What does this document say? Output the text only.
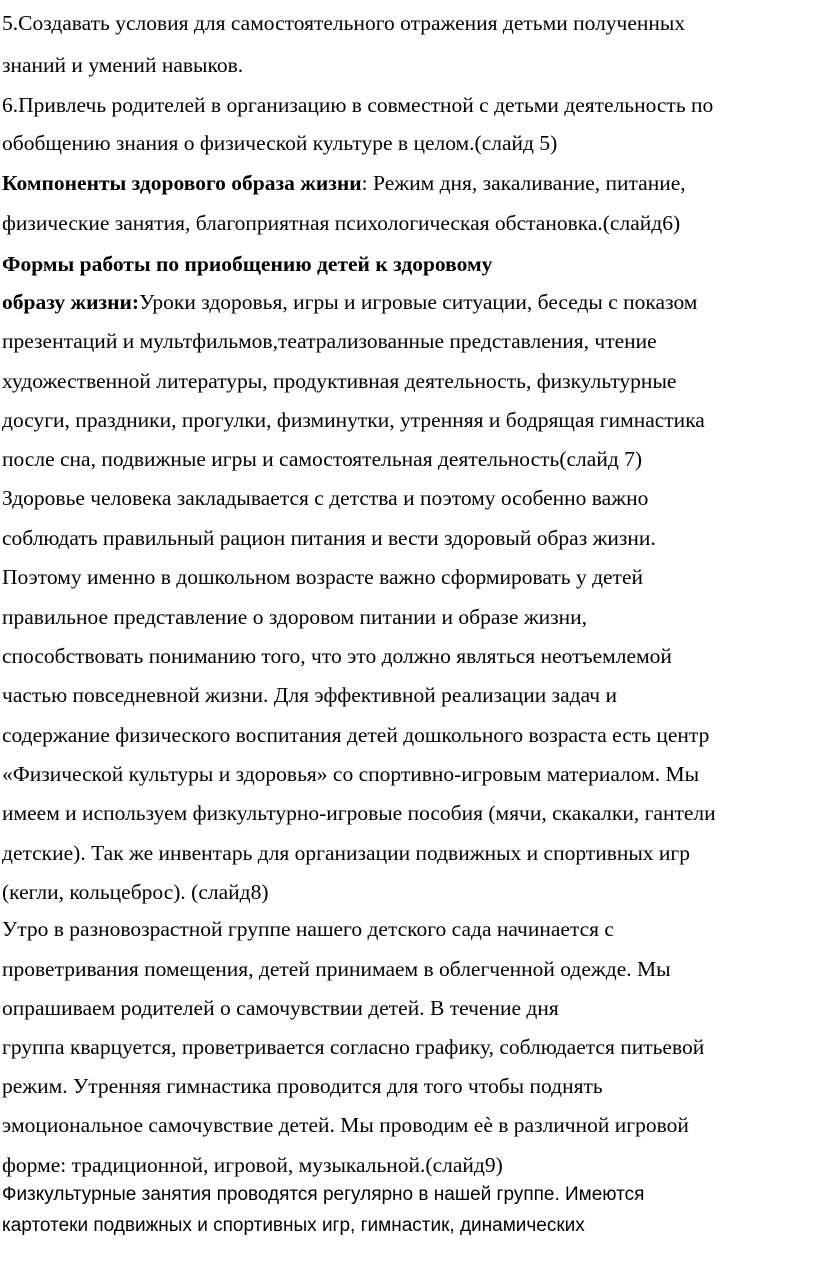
5.Создавать условия для самостоятельного отражения детьми полученных
знаний и умений навыков.
6.Привлечь родителей в организацию в совместной с детьми деятельность по
обобщению знания о физической культуре в целом.(слайд 5)
Компоненты здорового образа жизни: Режим дня, закаливание, питание,
физические занятия, благоприятная психологическая обстановка.(слайд6)
Формы работы по приобщению детей к здоровому
образу жизни:Уроки здоровья, игры и игровые ситуации, беседы с показом
презентаций и мультфильмов,театрализованные представления, чтение
художественной литературы, продуктивная деятельность, физкультурные
досуги, праздники, прогулки, физминутки, утренняя и бодрящая гимнастика
после сна, подвижные игры и самостоятельная деятельность(слайд 7)
Здоровье человека закладывается с детства и поэтому особенно важно
соблюдать правильный рацион питания и вести здоровый образ жизни.
Поэтому именно в дошкольном возрасте важно сформировать у детей
правильное представление о здоровом питании и образе жизни,
способствовать пониманию того, что это должно являться неотъемлемой
частью повседневной жизни. Для эффективной реализации задач и
содержание физического воспитания детей дошкольного возраста есть центр
«Физической культуры и здоровья» со спортивно-игровым материалом. Мы
имеем и используем физкультурно-игровые пособия (мячи, скакалки, гантели
детские). Так же инвентарь для организации подвижных и спортивных игр
(кегли, кольцеброс). (слайд8)
Утро в разновозрастной группе нашего детского сада начинается с
проветривания помещения, детей принимаем в облегченной одежде. Мы
опрашиваем родителей о самочувствии детей. В течение дня
группа кварцуется, проветривается согласно графику, соблюдается питьевой
режим. Утренняя гимнастика проводится для того чтобы поднять
эмоциональное самочувствие детей. Мы проводим еѐ в различной игровой
форме: традиционной, игровой, музыкальной.(слайд9)
Физкультурные занятия проводятся регулярно в нашей группе. Имеются
картотеки подвижных и спортивных игр, гимнастик, динамических
